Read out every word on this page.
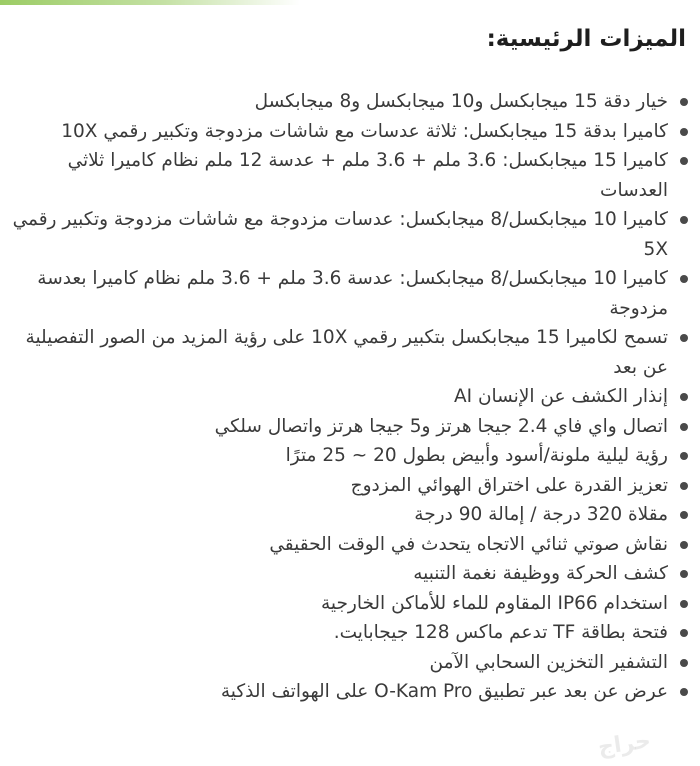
الميزات الرئيسية:
خيار دقة 15 ميجابكسل و10 ميجابكسل و8 ميجابكسل
كاميرا بدقة 15 ميجابكسل: ثلاثة عدسات مع شاشات مزدوجة وتكبير رقمي 10X
كاميرا 15 ميجابكسل: 3.6 ملم + 3.6 ملم + عدسة 12 ملم نظام كاميرا ثلاثي العدسات
كاميرا 10 ميجابكسل/8 ميجابكسل: عدسات مزدوجة مع شاشات مزدوجة وتكبير رقمي 5X
كاميرا 10 ميجابكسل/8 ميجابكسل: عدسة 3.6 ملم + 3.6 ملم نظام كاميرا بعدسة مزدوجة
تسمح لكاميرا 15 ميجابكسل بتكبير رقمي 10X على رؤية المزيد من الصور التفصيلية عن بعد
إنذار الكشف عن الإنسان AI
اتصال واي فاي 2.4 جيجا هرتز و5 جيجا هرتز واتصال سلكي
رؤية ليلية ملونة/أسود وأبيض بطول 20 ~ 25 مترًا
تعزيز القدرة على اختراق الهوائي المزدوج
مقلاة 320 درجة / إمالة 90 درجة
نقاش صوتي ثنائي الاتجاه يتحدث في الوقت الحقيقي
كشف الحركة ووظيفة نغمة التنبيه
استخدام IP66 المقاوم للماء للأماكن الخارجية
فتحة بطاقة TF تدعم ماكس 128 جيجابايت.
التشفير التخزين السحابي الآمن
عرض عن بعد عبر تطبيق O-Kam Pro على الهواتف الذكية
حراج
